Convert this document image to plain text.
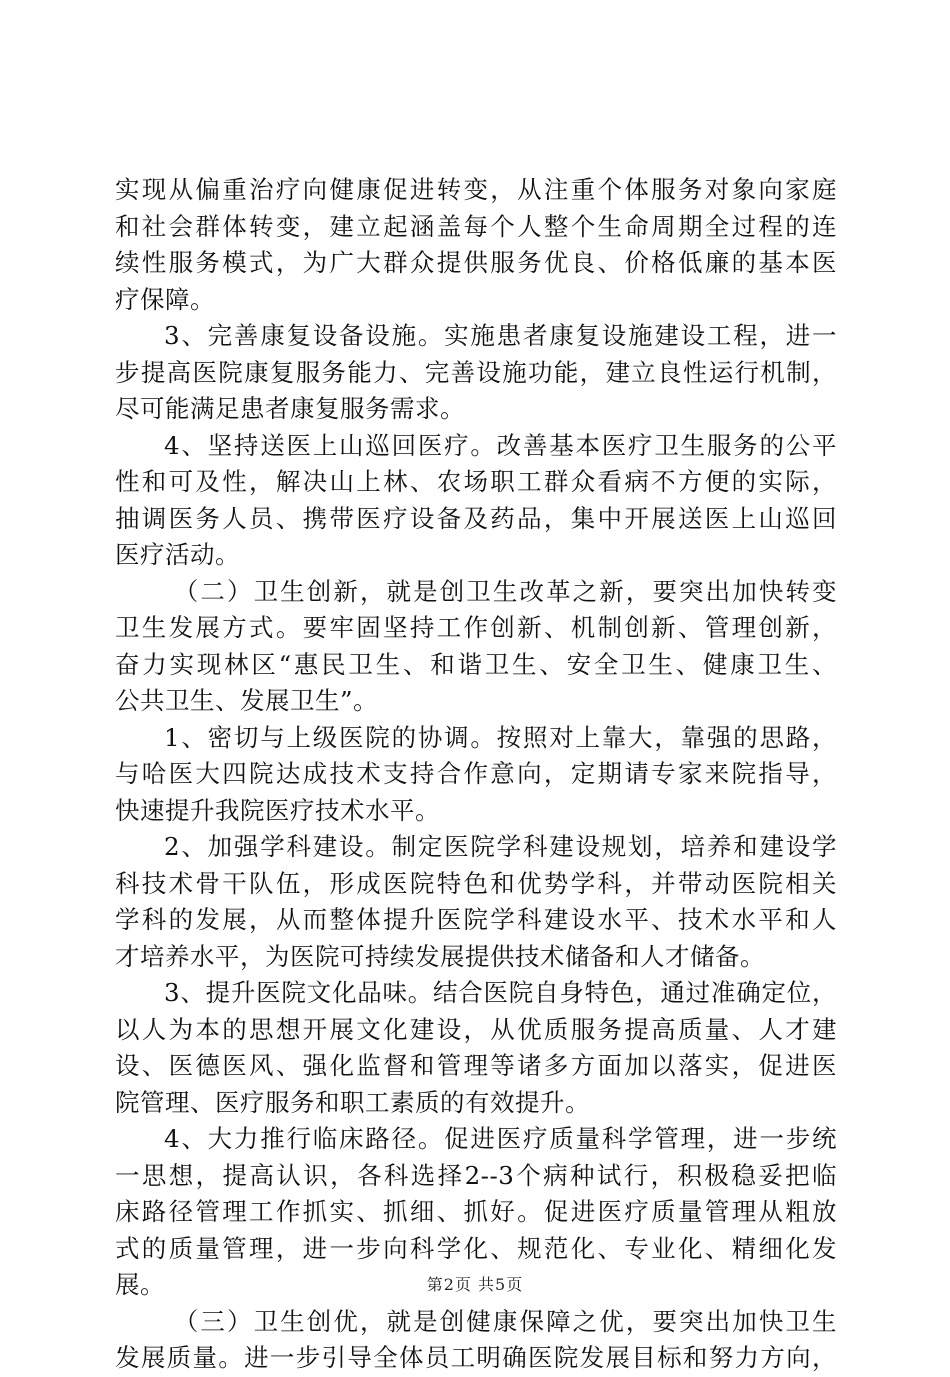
实现从偏重治疗向健康促进转变，从注重个体服务对象向家庭
和社会群体转变，建立起涵盖每个人整个生命周期全过程的连
续性服务模式，为广大群众提供服务优良、价格低廉的基本医
疗保障。
3、完善康复设备设施。实施患者康复设施建设工程，进一
步提高医院康复服务能力、完善设施功能，建立良性运行机制，
尽可能满足患者康复服务需求。
4、坚持送医上山巡回医疗。改善基本医疗卫生服务的公平
性和可及性，解决山上林、农场职工群众看病不方便的实际，
抽调医务人员、携带医疗设备及药品，集中开展送医上山巡回
医疗活动。
（二）卫生创新，就是创卫生改革之新，要突出加快转变
卫生发展方式。要牢固坚持工作创新、机制创新、管理创新，
奋力实现林区“惠民卫生、和谐卫生、安全卫生、健康卫生、
公共卫生、发展卫生”。
1、密切与上级医院的协调。按照对上靠大，靠强的思路，
与哈医大四院达成技术支持合作意向，定期请专家来院指导，
快速提升我院医疗技术水平。
2、加强学科建设。制定医院学科建设规划，培养和建设学
科技术骨干队伍，形成医院特色和优势学科，并带动医院相关
学科的发展，从而整体提升医院学科建设水平、技术水平和人
才培养水平，为医院可持续发展提供技术储备和人才储备。
3、提升医院文化品味。结合医院自身特色，通过准确定位，
以人为本的思想开展文化建设，从优质服务提高质量、人才建
设、医德医风、强化监督和管理等诸多方面加以落实，促进医
院管理、医疗服务和职工素质的有效提升。
4、大力推行临床路径。促进医疗质量科学管理，进一步统
一思想，提高认识，各科选择2--3个病种试行，积极稳妥把临
床路径管理工作抓实、抓细、抓好。促进医疗质量管理从粗放
式的质量管理，进一步向科学化、规范化、专业化、精细化发
展。
（三）卫生创优，就是创健康保障之优，要突出加快卫生
发展质量。进一步引导全体员工明确医院发展目标和努力方向，
第2页 共5页
